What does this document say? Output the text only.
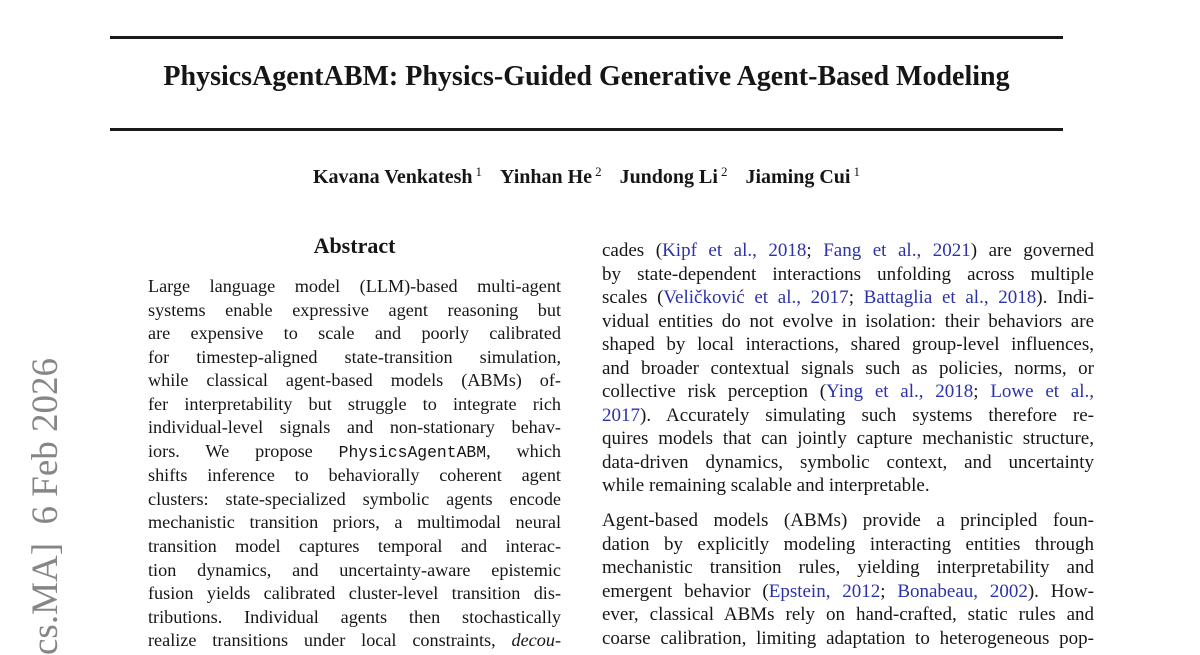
cs.MA]  6 Feb 2026
PhysicsAgentABM: Physics-Guided Generative Agent-Based Modeling
Kavana Venkatesh $^1$ Yinhan He $^2$ Jundong Li $^2$ Jiaming Cui $^1$
Abstract
Large language model (LLM)-based multi-agent
systems enable expressive agent reasoning but
are expensive to scale and poorly calibrated
for timestep-aligned state-transition simulation,
while classical agent-based models (ABMs) of-
fer interpretability but struggle to integrate rich
individual-level signals and non-stationary behav-
iors. We propose PhysicsAgentABM, which
shifts inference to behaviorally coherent agent
clusters: state-specialized symbolic agents encode
mechanistic transition priors, a multimodal neural
transition model captures temporal and interac-
tion dynamics, and uncertainty-aware epistemic
fusion yields calibrated cluster-level transition dis-
tributions. Individual agents then stochastically
realize transitions under local constraints, decou-
cades (Kipf et al., 2018; Fang et al., 2021) are governed
by state-dependent interactions unfolding across multiple
scales (Veličković et al., 2017; Battaglia et al., 2018). Indi-
vidual entities do not evolve in isolation: their behaviors are
shaped by local interactions, shared group-level influences,
and broader contextual signals such as policies, norms, or
collective risk perception (Ying et al., 2018; Lowe et al.,
2017). Accurately simulating such systems therefore re-
quires models that can jointly capture mechanistic structure,
data-driven dynamics, symbolic context, and uncertainty
while remaining scalable and interpretable.
Agent-based models (ABMs) provide a principled foun-
dation by explicitly modeling interacting entities through
mechanistic transition rules, yielding interpretability and
emergent behavior (Epstein, 2012; Bonabeau, 2002). How-
ever, classical ABMs rely on hand-crafted, static rules and
coarse calibration, limiting adaptation to heterogeneous pop-
